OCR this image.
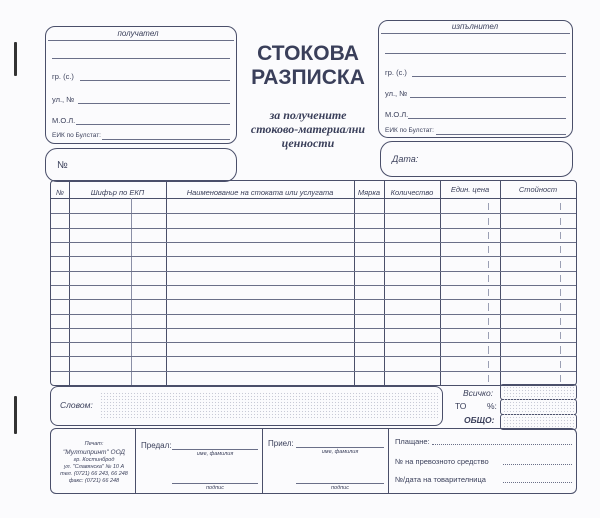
получател
гр. (с.)
ул., №
М.О.Л.
ЕИК по Булстат:
№
СТОКОВА
РАЗПИСКА
за получените
стоково-материални
ценности
изпълнител
гр. (с.)
ул., №
М.О.Л.
ЕИК по Булстат:
Дата:
№	Шифър по ЕКП	Наименование на стоката или услугата	Мярка	Количество	Един. цена	Стойност
Словом:
Всичко:
ТО %:
ОБЩО:
Печат:
"Мултипринт" ООД
гр. Костинброд
ул. "Славянска" № 10 А
тел. (0721) 66 243, 66 248
факс: (0721) 66 248
Предал:
име, фамилия
подпис
Приел:
име, фамилия
подпис
Плащане:
№ на превозното средство
№/дата на товарителница
